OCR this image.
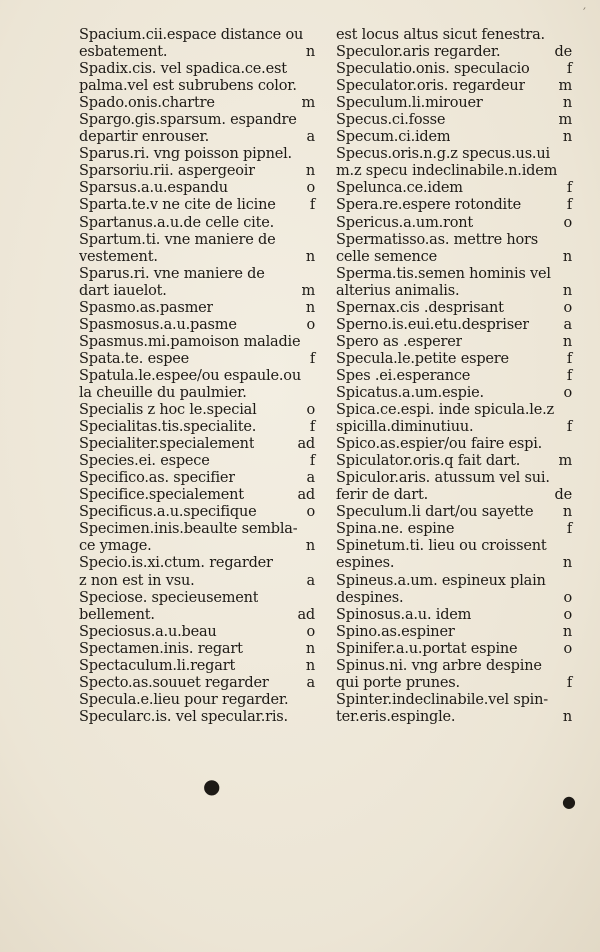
′
Spacium.cii.espace distance ou
esbatement.	n
Spadix.cis. vel spadica.ce.est
palma.vel est subrubens color.
Spado.onis.chartre	m
Spargo.gis.sparsum. espandre
departir enrouser.	a
Sparus.ri. vng poisson pipnel.
Sparsoriu.rii. aspergeoir	n
Sparsus.a.u.espandu	o
Sparta.te.v ne cite de licine f
Spartanus.a.u.de celle cite.
Spartum.ti. vne maniere de
vestement.	n
Sparus.ri. vne maniere de
dart iauelot.	m
Spasmo.as.pasmer	n
Spasmosus.a.u.pasme	o
Spasmus.mi.pamoison maladie
Spata.te. espee	f
Spatula.le.espee/ou espaule.ou
la cheuille du paulmier.
Specialis z hoc le.special	o
Specialitas.tis.specialite.	f
Specialiter.specialement	ad
Species.ei. espece	f
Specifico.as. specifier	a
Specifice.specialement	ad
Specificus.a.u.specifique	o
Specimen.inis.beaulte sembla-
ce ymage.	n
Specio.is.xi.ctum. regarder
z non est in vsu.	a
Speciose. specieusement
bellement.	ad
Speciosus.a.u.beau	o
Spectamen.inis. regart	n
Spectaculum.li.regart	n
Specto.as.souuet regarder	a
Specula.e.lieu pour regarder.
Specularc.is. vel specular.ris.
est locus altus sicut fenestra.
Speculor.aris regarder.	de
Speculatio.onis. speculacio	f
Speculator.oris. regardeur m
Speculum.li.mirouer	n
Specus.ci.fosse	m
Specum.ci.idem	n
Specus.oris.n.g.z specus.us.ui
m.z specu indeclinabile.n.idem
Spelunca.ce.idem	f
Spera.re.espere rotondite	f
Spericus.a.um.ront	o
Spermatisso.as. mettre hors
celle semence	n
Sperma.tis.semen hominis vel
alterius animalis.	n
Spernax.cis .desprisant	o
Sperno.is.eui.etu.despriser a
Spero as .esperer	n
Specula.le.petite espere	f
Spes .ei.esperance	f
Spicatus.a.um.espie.	o
Spica.ce.espi. inde spicula.le.z
spicilla.diminutiuu.	f
Spico.as.espier/ou faire espi.
Spiculator.oris.q fait dart.	m
Spiculor.aris. atussum vel sui.
ferir de dart.	de
Speculum.li dart/ou sayette n
Spina.ne. espine	f
Spinetum.ti. lieu ou croissent
espines.	n
Spineus.a.um. espineux plain
despines.	o
Spinosus.a.u. idem	o
Spino.as.espiner	n
Spinifer.a.u.portat espine	o
Spinus.ni. vng arbre despine
qui porte prunes.	f
Spinter.indeclinabile.vel spin-
ter.eris.espingle.	n
●
●
